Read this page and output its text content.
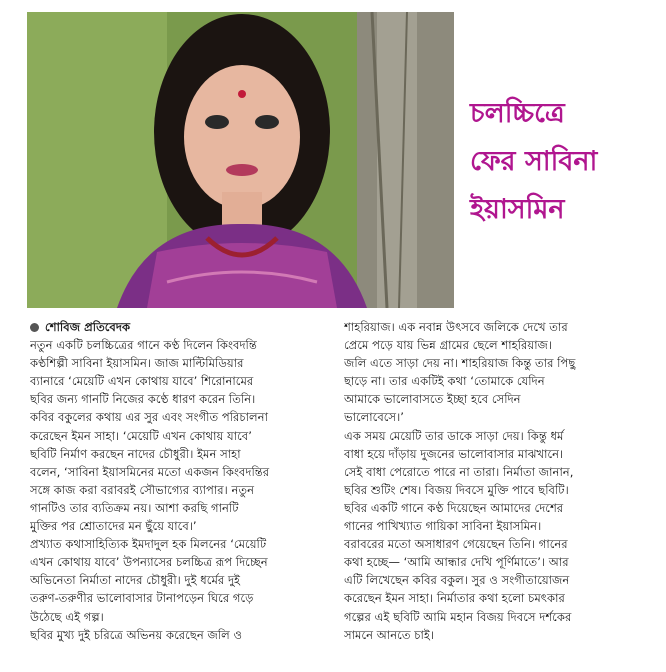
চলচ্চিত্রে
ফের সাবিনা
ইয়াসমিন

শোবিজ প্রতিবেদক

নতুন একটি চলচ্চিত্রের গানে কণ্ঠ দিলেন কিংবদন্তি

কণ্ঠশিল্পী সাবিনা ইয়াসমিন। জাজ মাল্টিমিডিয়ার

ব্যানারে ‘মেয়েটি এখন কোথায় যাবে’ শিরোনামের

ছবির জন্য গানটি নিজের কণ্ঠে ধারণ করেন তিনি।

কবির বকুলের কথায় এর সুর এবং সংগীত পরিচালনা

করেছেন ইমন সাহা। ‘মেয়েটি এখন কোথায় যাবে’

ছবিটি নির্মাণ করছেন নাদের চৌধুরী। ইমন সাহা

বলেন, ‘সাবিনা ইয়াসমিনের মতো একজন কিংবদন্তির

সঙ্গে কাজ করা বরাবরই সৌভাগ্যের ব্যাপার। নতুন

গানটিও তার ব্যতিক্রম নয়। আশা করছি গানটি

মুক্তির পর শ্রোতাদের মন ছুঁয়ে যাবে।’

প্রখ্যাত কথাসাহিত্যিক ইমদাদুল হক মিলনের ‘মেয়েটি

এখন কোথায় যাবে’ উপন্যাসের চলচ্চিত্র রূপ দিচ্ছেন

অভিনেতা নির্মাতা নাদের চৌধুরী। দুই ধর্মের দুই

তরুণ-তরুণীর ভালোবাসার টানাপড়েন ঘিরে গড়ে

উঠেছে এই গল্প।

ছবির মুখ্য দুই চরিত্রে অভিনয় করেছেন জলি ও

শাহরিয়াজ। এক নবান্ন উৎসবে জলিকে দেখে তার

প্রেমে পড়ে যায় ভিন্ন গ্রামের ছেলে শাহরিয়াজ।

জলি এতে সাড়া দেয় না। শাহরিয়াজ কিন্তু তার পিছু

ছাড়ে না। তার একটিই কথা ‘তোমাকে যেদিন

আমাকে ভালোবাসতে ইচ্ছা হবে সেদিন

ভালোবেসে।’

এক সময় মেয়েটি তার ডাকে সাড়া দেয়। কিন্তু ধর্ম

বাধা হয়ে দাঁড়ায় দুজনের ভালোবাসার মাঝখানে।

সেই বাধা পেরোতে পারে না তারা। নির্মাতা জানান,

ছবির শুটিং শেষ। বিজয় দিবসে মুক্তি পাবে ছবিটি।

ছবির একটি গানে কণ্ঠ দিয়েছেন আমাদের দেশের

গানের পাখিখ্যাত গায়িকা সাবিনা ইয়াসমিন।

বরাবরের মতো অসাধারণ গেয়েছেন তিনি। গানের

কথা হচ্ছে— ‘আমি আন্ধার দেখি পূর্ণিমাতে’। আর

এটি লিখেছেন কবির বকুল। সুর ও সংগীতায়োজন

করেছেন ইমন সাহা। নির্মাতার কথা হলো চমৎকার

গল্পের এই ছবিটি আমি মহান বিজয় দিবসে দর্শকের

সামনে আনতে চাই।
